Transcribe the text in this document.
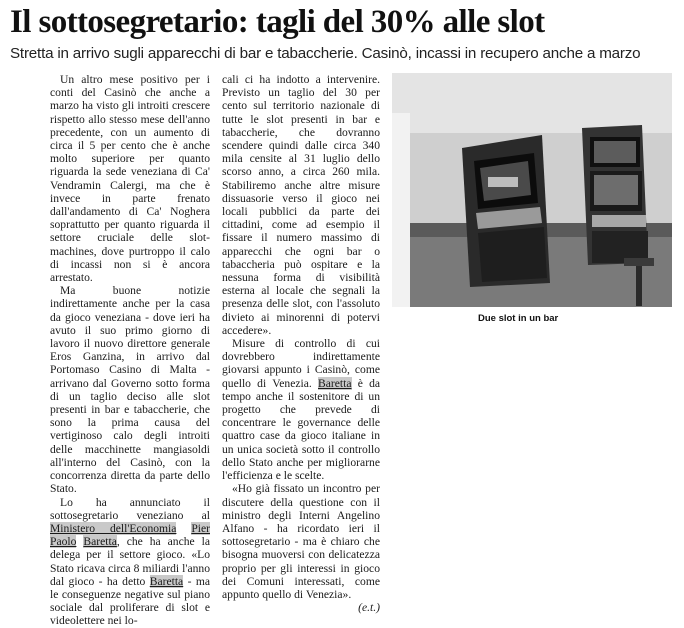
Il sottosegretario: tagli del 30% alle slot
Stretta in arrivo sugli apparecchi di bar e tabaccherie. Casinò, incassi in recupero anche a marzo

Un altro mese positivo per i conti del Casinò che anche a marzo ha visto gli introiti crescere rispetto allo stesso mese dell'anno precedente, con un aumento di circa il 5 per cento che è anche molto superiore per quanto riguarda la sede veneziana di Ca' Vendramin Calergi, ma che è invece in parte frenato dall'andamento di Ca' Noghera soprattutto per quanto riguarda il settore cruciale delle slot-machines, dove purtroppo il calo di incassi non si è ancora arrestato.

Ma buone notizie indirettamente anche per la casa da gioco veneziana - dove ieri ha avuto il suo primo giorno di lavoro il nuovo direttore generale Eros Ganzina, in arrivo dal Portomaso Casino di Malta - arrivano dal Governo sotto forma di un taglio deciso alle slot presenti in bar e tabaccherie, che sono la prima causa del vertiginoso calo degli introiti delle macchinette mangiasoldi all'interno del Casinò, con la concorrenza diretta da parte dello Stato.

Lo ha annunciato il sottosegretario veneziano al Ministero dell'Economia Pier Paolo Baretta, che ha anche la delega per il settore gioco. «Lo Stato ricava circa 8 miliardi l'anno dal gioco - ha detto Baretta - ma le conseguenze negative sul piano sociale dal proliferare di slot e videolettere nei lo-

cali ci ha indotto a intervenire. Previsto un taglio del 30 per cento sul territorio nazionale di tutte le slot presenti in bar e tabaccherie, che dovranno scendere quindi dalle circa 340 mila censite al 31 luglio dello scorso anno, a circa 260 mila. Stabiliremo anche altre misure dissuasorie verso il gioco nei locali pubblici da parte dei cittadini, come ad esempio il fissare il numero massimo di apparecchi che ogni bar o tabaccheria può ospitare e la nessuna forma di visibilità esterna al locale che segnali la presenza delle slot, con l'assoluto divieto ai minorenni di potervi accedere».

Misure di controllo di cui dovrebbero indirettamente giovarsi appunto i Casinò, come quello di Venezia. Baretta è da tempo anche il sostenitore di un progetto che prevede di concentrare le governance delle quattro case da gioco italiane in un unica società sotto il controllo dello Stato anche per migliorarne l'efficienza e le scelte.

«Ho già fissato un incontro per discutere della questione con il ministro degli Interni Angelino Alfano - ha ricordato ieri il sottosegretario - ma è chiaro che bisogna muoversi con delicatezza proprio per gli interessi in gioco dei Comuni interessati, come appunto quello di Venezia».
(e.t.)

Due slot in un bar
